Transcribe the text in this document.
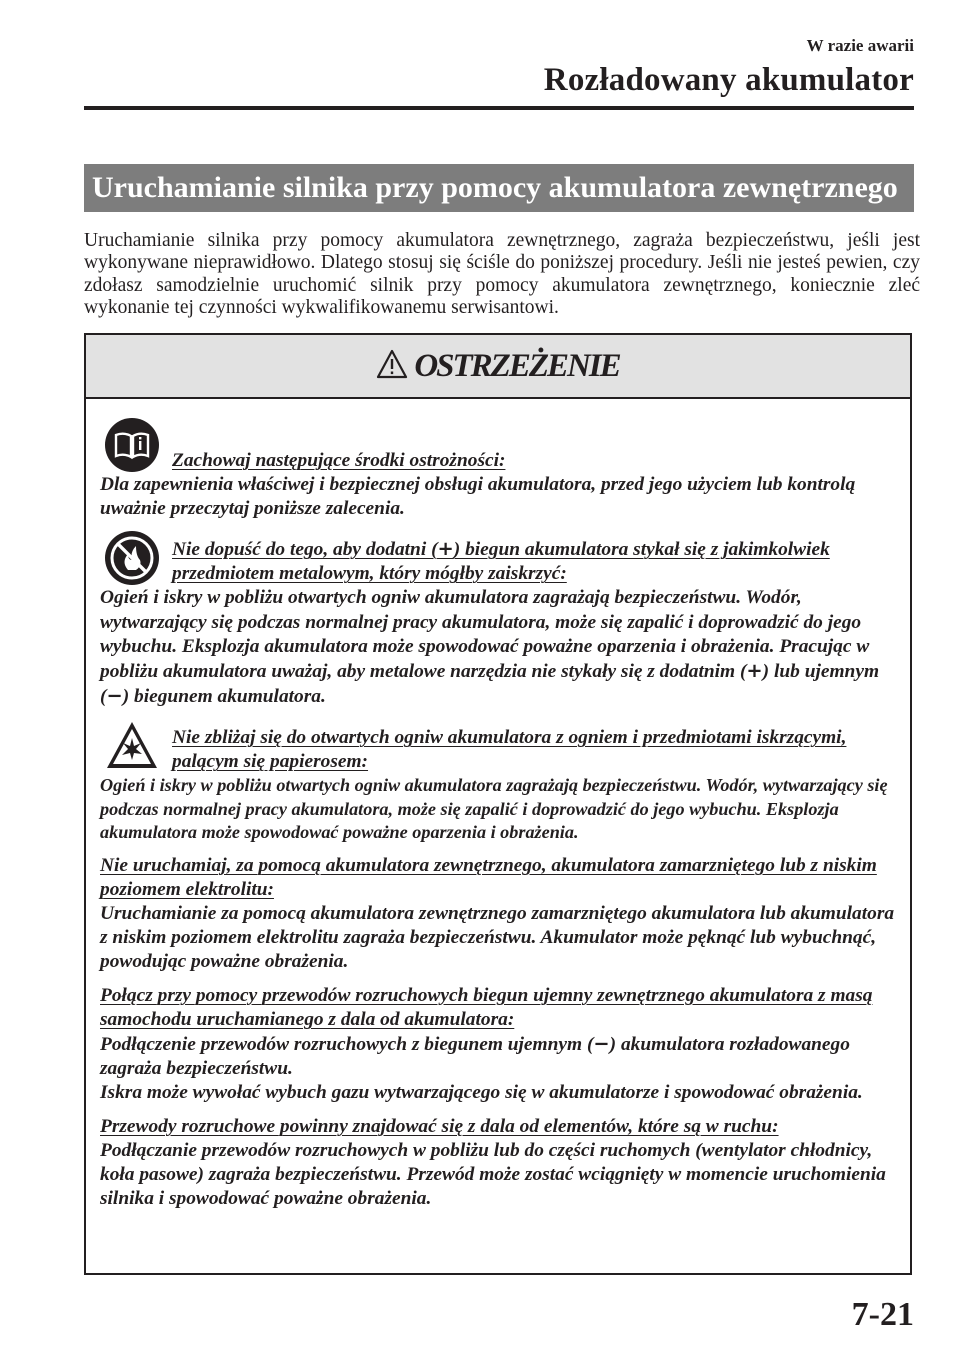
W razie awarii
Rozładowany akumulator
Uruchamianie silnika przy pomocy akumulatora zewnętrznego
Uruchamianie silnika przy pomocy akumulatora zewnętrznego, zagraża bezpieczeństwu, jeśli jest wykonywane nieprawidłowo. Dlatego stosuj się ściśle do poniższej procedury. Jeśli nie jesteś pewien, czy zdołasz samodzielnie uruchomić silnik przy pomocy akumulatora zewnętrznego, koniecznie zleć wykonanie tej czynności wykwalifikowanemu serwisantowi.
OSTRZEŻENIE
Zachowaj następujące środki ostrożności:
Dla zapewnienia właściwej i bezpiecznej obsługi akumulatora, przed jego użyciem lub kontrolą uważnie przeczytaj poniższe zalecenia.
Nie dopuść do tego, aby dodatni (+) biegun akumulatora stykał się z jakimkolwiek przedmiotem metalowym, który mógłby zaiskrzyć:
Ogień i iskry w pobliżu otwartych ogniw akumulatora zagrażają bezpieczeństwu. Wodór, wytwarzający się podczas normalnej pracy akumulatora, może się zapalić i doprowadzić do jego wybuchu. Eksplozja akumulatora może spowodować poważne oparzenia i obrażenia. Pracując w pobliżu akumulatora uważaj, aby metalowe narzędzia nie stykały się z dodatnim (+) lub ujemnym (−) biegunem akumulatora.
Nie zbliżaj się do otwartych ogniw akumulatora z ogniem i przedmiotami iskrzącymi, palącym się papierosem:
Ogień i iskry w pobliżu otwartych ogniw akumulatora zagrażają bezpieczeństwu. Wodór, wytwarzający się podczas normalnej pracy akumulatora, może się zapalić i doprowadzić do jego wybuchu. Eksplozja akumulatora może spowodować poważne oparzenia i obrażenia.
Nie uruchamiaj, za pomocą akumulatora zewnętrznego, akumulatora zamarzniętego lub z niskim poziomem elektrolitu:
Uruchamianie za pomocą akumulatora zewnętrznego zamarzniętego akumulatora lub akumulatora z niskim poziomem elektrolitu zagraża bezpieczeństwu. Akumulator może pęknąć lub wybuchnąć, powodując poważne obrażenia.
Połącz przy pomocy przewodów rozruchowych biegun ujemny zewnętrznego akumulatora z masą samochodu uruchamianego z dala od akumulatora:
Podłączenie przewodów rozruchowych z biegunem ujemnym (−) akumulatora rozładowanego zagraża bezpieczeństwu.
Iskra może wywołać wybuch gazu wytwarzającego się w akumulatorze i spowodować obrażenia.
Przewody rozruchowe powinny znajdować się z dala od elementów, które są w ruchu:
Podłączanie przewodów rozruchowych w pobliżu lub do części ruchomych (wentylator chłodnicy, koła pasowe) zagraża bezpieczeństwu. Przewód może zostać wciągnięty w momencie uruchomienia silnika i spowodować poważne obrażenia.
7-21
